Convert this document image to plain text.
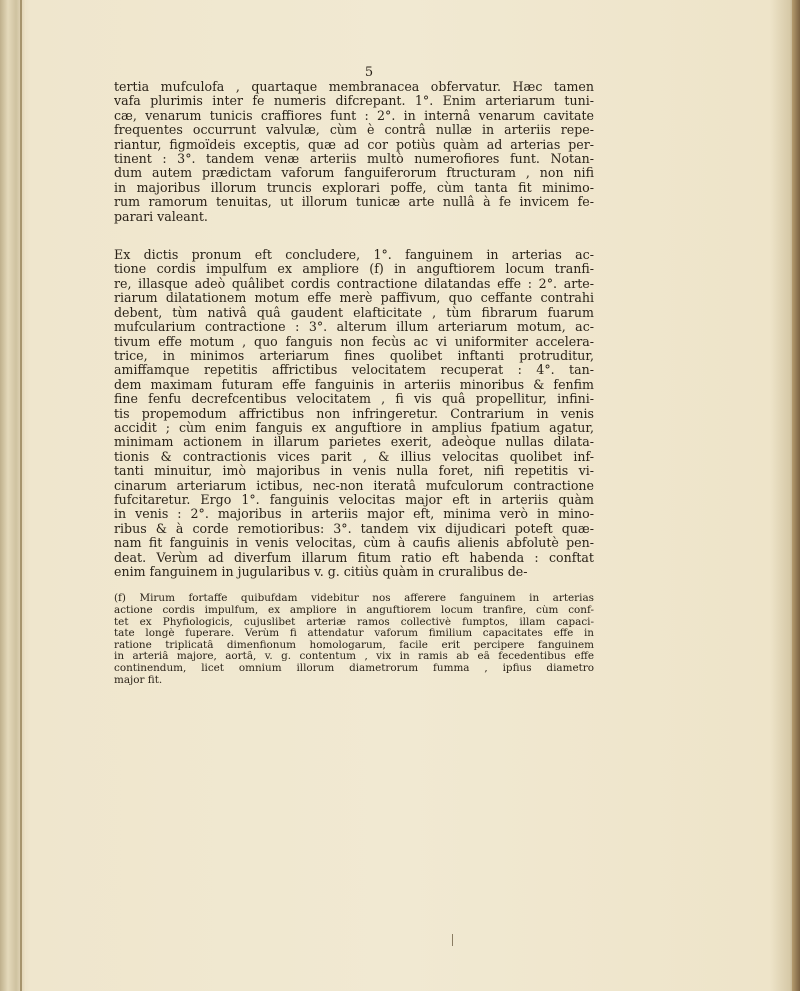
5
tertia mufculofa , quartaque membranacea obfervatur. Hæc tamen
vafa plurimis inter fe numeris difcrepant. 1°. Enim arteriarum tuni-
cæ, venarum tunicis craffiores funt : 2°. in internâ venarum cavitate
frequentes occurrunt valvulæ, cùm è contrâ nullæ in arteriis repe-
riantur, figmoïdeis exceptis, quæ ad cor potiùs quàm ad arterias per-
tinent : 3°. tandem venæ arteriis multò numerofiores funt. Notan-
dum autem prædictam vaforum fanguiferorum ftructuram , non nifi
in majoribus illorum truncis explorari poffe, cùm tanta fit minimo-
rum ramorum tenuitas, ut illorum tunicæ arte nullâ à fe invicem fe-
parari valeant.
Ex dictis pronum eft concludere, 1°. fanguinem in arterias ac-
tione cordis impulfum ex ampliore (f) in anguftiorem locum tranfi-
re, illasque adeò quâlibet cordis contractione dilatandas effe : 2°. arte-
riarum dilatationem motum effe merè paffivum, quo ceffante contrahi
debent, tùm nativâ quâ gaudent elafticitate , tùm fibrarum fuarum
mufcularium contractione : 3°. alterum illum arteriarum motum, ac-
tivum effe motum , quo fanguis non fecùs ac vi uniformiter accelera-
trice, in minimos arteriarum fines quolibet inftanti protruditur,
amiffamque repetitis affrictibus velocitatem recuperat : 4°. tan-
dem maximam futuram effe fanguinis in arteriis minoribus & fenfim
fine fenfu decrefcentibus velocitatem , fi vis quâ propellitur, infini-
tis propemodum affrictibus non infringeretur. Contrarium in venis
accidit ; cùm enim fanguis ex anguftiore in amplius fpatium agatur,
minimam actionem in illarum parietes exerit, adeòque nullas dilata-
tionis & contractionis vices parit , & illius velocitas quolibet inf-
tanti minuitur, imò majoribus in venis nulla foret, nifi repetitis vi-
cinarum arteriarum ictibus, nec-non iteratâ mufculorum contractione
fufcitaretur. Ergo 1°. fanguinis velocitas major eft in arteriis quàm
in venis : 2°. majoribus in arteriis major eft, minima verò in mino-
ribus & à corde remotioribus: 3°. tandem vix dijudicari poteft quæ-
nam fit fanguinis in venis velocitas, cùm à caufis alienis abfolutè pen-
deat. Verùm ad diverfum illarum fitum ratio eft habenda : conftat
enim fanguinem in jugularibus v. g. citiùs quàm in cruralibus de-
(f) Mirum fortaffe quibufdam videbitur nos afferere fanguinem in arterias
actione cordis impulfum, ex ampliore in anguftiorem locum tranfire, cùm conf-
tet ex Phyfiologicis, cujuslibet arteriæ ramos collectivè fumptos, illam capaci-
tate longè fuperare. Verùm fi attendatur vaforum fimilium capacitates effe in
ratione triplicatâ dimenfionum homologarum, facile erit percipere fanguinem
in arteriâ majore, aortâ, v. g. contentum , vix in ramis ab eâ fecedentibus effe
continendum, licet omnium illorum diametrorum fumma , ipfius diametro
major fit.
